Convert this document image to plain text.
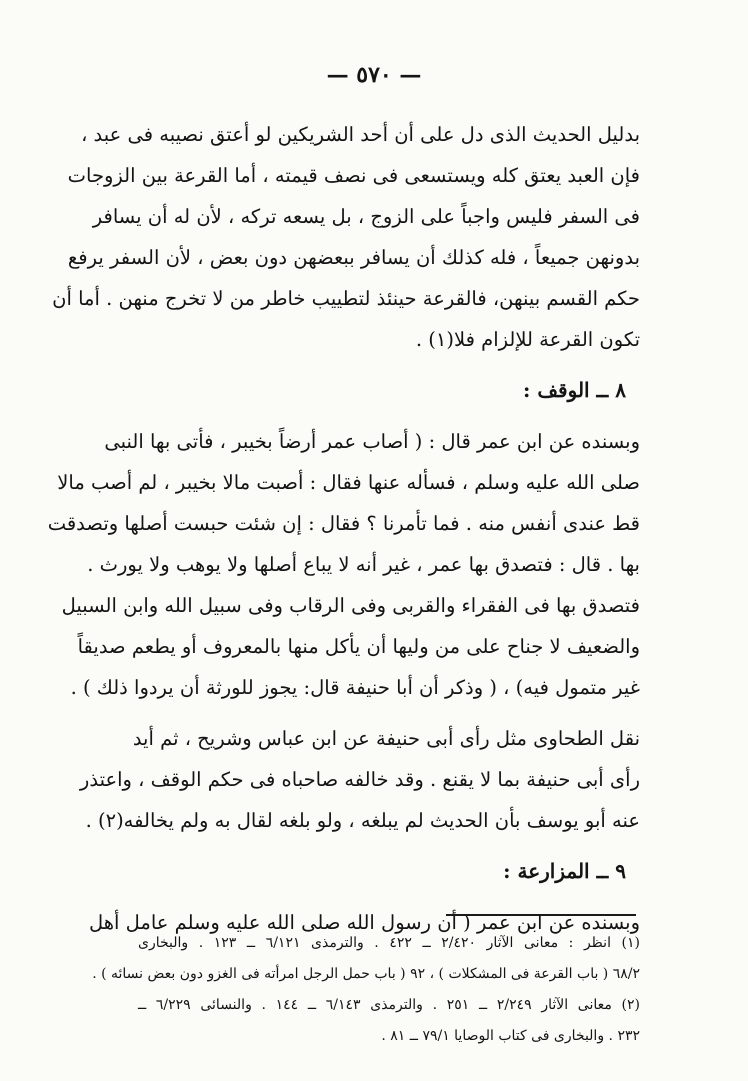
— ٥٧٠ —
بدليل الحديث الذى دل على أن أحد الشريكين لو أعتق نصيبه فى عبد ،
فإن العبد يعتق كله ويستسعى فى نصف قيمته ، أما القرعة بين الزوجات
فى السفر فليس واجباً على الزوج ، بل يسعه تركه ، لأن له أن يسافر
بدونهن جميعاً ، فله كذلك أن يسافر ببعضهن دون بعض ، لأن السفر يرفع
حكم القسم بينهن، فالقرعة حينئذ لتطييب خاطر من لا تخرج منهن . أما أن
تكون القرعة للإلزام فلا(١) .
٨ ــ الوقف :
وبسنده عن ابن عمر قال : ( أصاب عمر أرضاً بخيبر ، فأتى بها النبى
صلى الله عليه وسلم ، فسأله عنها فقال : أصبت مالا بخيبر ، لم أصب مالا
قط عندى أنفس منه . فما تأمرنا ؟ فقال : إن شئت حبست أصلها وتصدقت
بها . قال : فتصدق بها عمر ، غير أنه لا يباع أصلها ولا يوهب ولا يورث .
فتصدق بها فى الفقراء والقربى وفى الرقاب وفى سبيل الله وابن السبيل
والضعيف لا جناح على من وليها أن يأكل منها بالمعروف أو يطعم صديقاً
غير متمول فيه) ، ( وذكر أن أبا حنيفة قال: يجوز للورثة أن يردوا ذلك ) .
نقل الطحاوى مثل رأى أبى حنيفة عن ابن عباس وشريح ، ثم أيد
رأى أبى حنيفة بما لا يقنع . وقد خالفه صاحباه فى حكم الوقف ، واعتذر
عنه أبو يوسف بأن الحديث لم يبلغه ، ولو بلغه لقال به ولم يخالفه(٢) .
٩ ــ المزارعة :
وبسنده عن ابن عمر ( أن رسول الله صلى الله عليه وسلم عامل أهل
(١) انظر : معانى الآثار ٢/٤٢٠ ــ ٤٢٢ . والترمذى ٦/١٢١ ــ ١٢٣ . والبخارى
٦٨/٢ ( باب القرعة فى المشكلات ) ، ٩٢ ( باب حمل الرجل امرأته فى الغزو دون بعض نسائه ) .
(٢) معانى الآثار ٢/٢٤٩ ــ ٢٥١ . والترمذى ٦/١٤٣ ــ ١٤٤ . والنسائى ٦/٢٢٩ ــ
٢٣٢ . والبخارى فى كتاب الوصايا ٧٩/١ ــ ٨١ .
